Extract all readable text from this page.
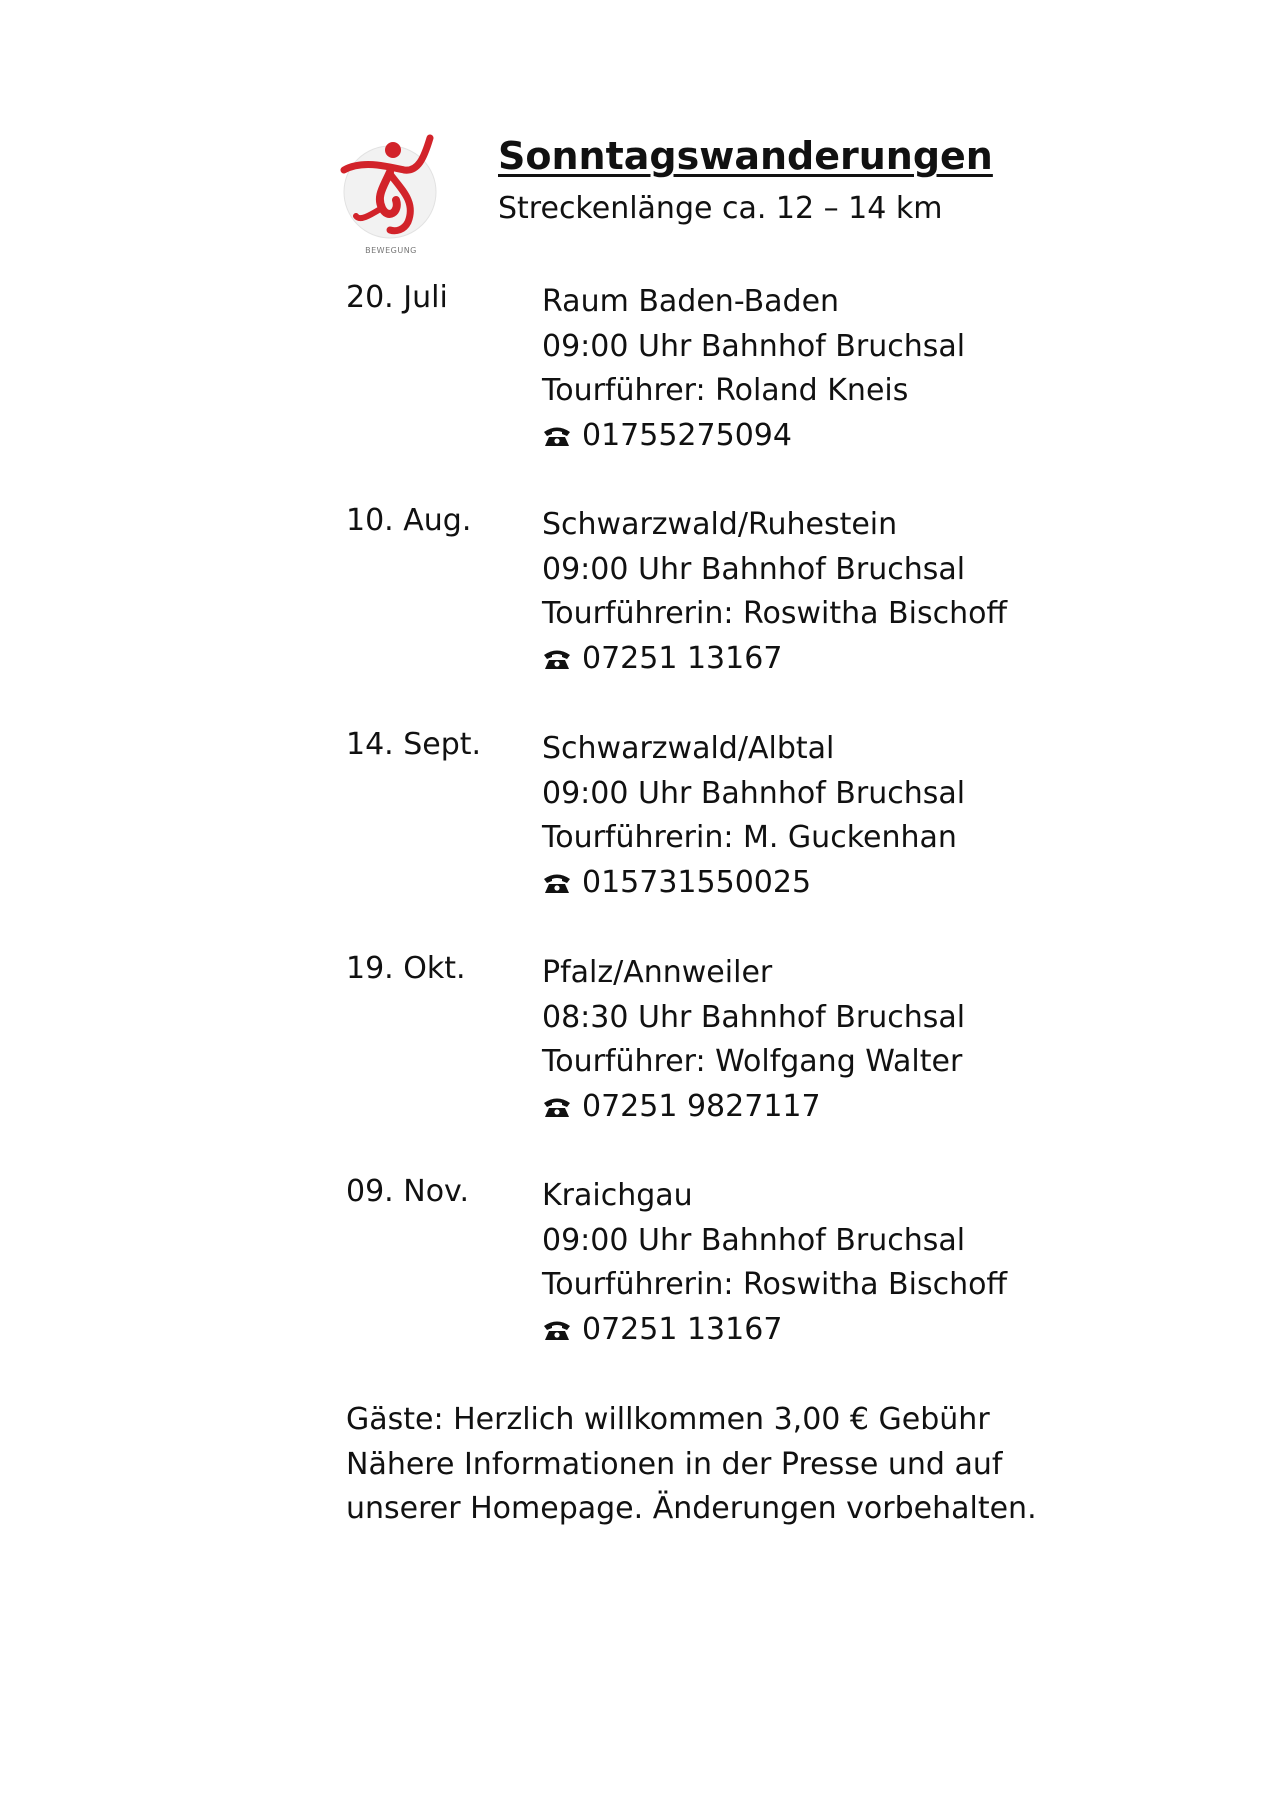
BEWEGUNG
Sonntagswanderungen
Streckenlänge ca. 12 – 14 km
20. Juli	Raum Baden-Baden
09:00 Uhr Bahnhof Bruchsal
Tourführer: Roland Kneis
01755275094
10. Aug. Schwarzwald/Ruhestein
09:00 Uhr Bahnhof Bruchsal
Tourführerin: Roswitha Bischoff
07251 13167
14. Sept. Schwarzwald/Albtal
09:00 Uhr Bahnhof Bruchsal
Tourführerin: M. Guckenhan
015731550025
19. Okt.	Pfalz/Annweiler
08:30 Uhr Bahnhof Bruchsal
Tourführer: Wolfgang Walter
07251 9827117
09. Nov. Kraichgau
09:00 Uhr Bahnhof Bruchsal
Tourführerin: Roswitha Bischoff
07251 13167
Gäste: Herzlich willkommen 3,00 € Gebühr
Nähere Informationen in der Presse und auf
unserer Homepage. Änderungen vorbehalten.
